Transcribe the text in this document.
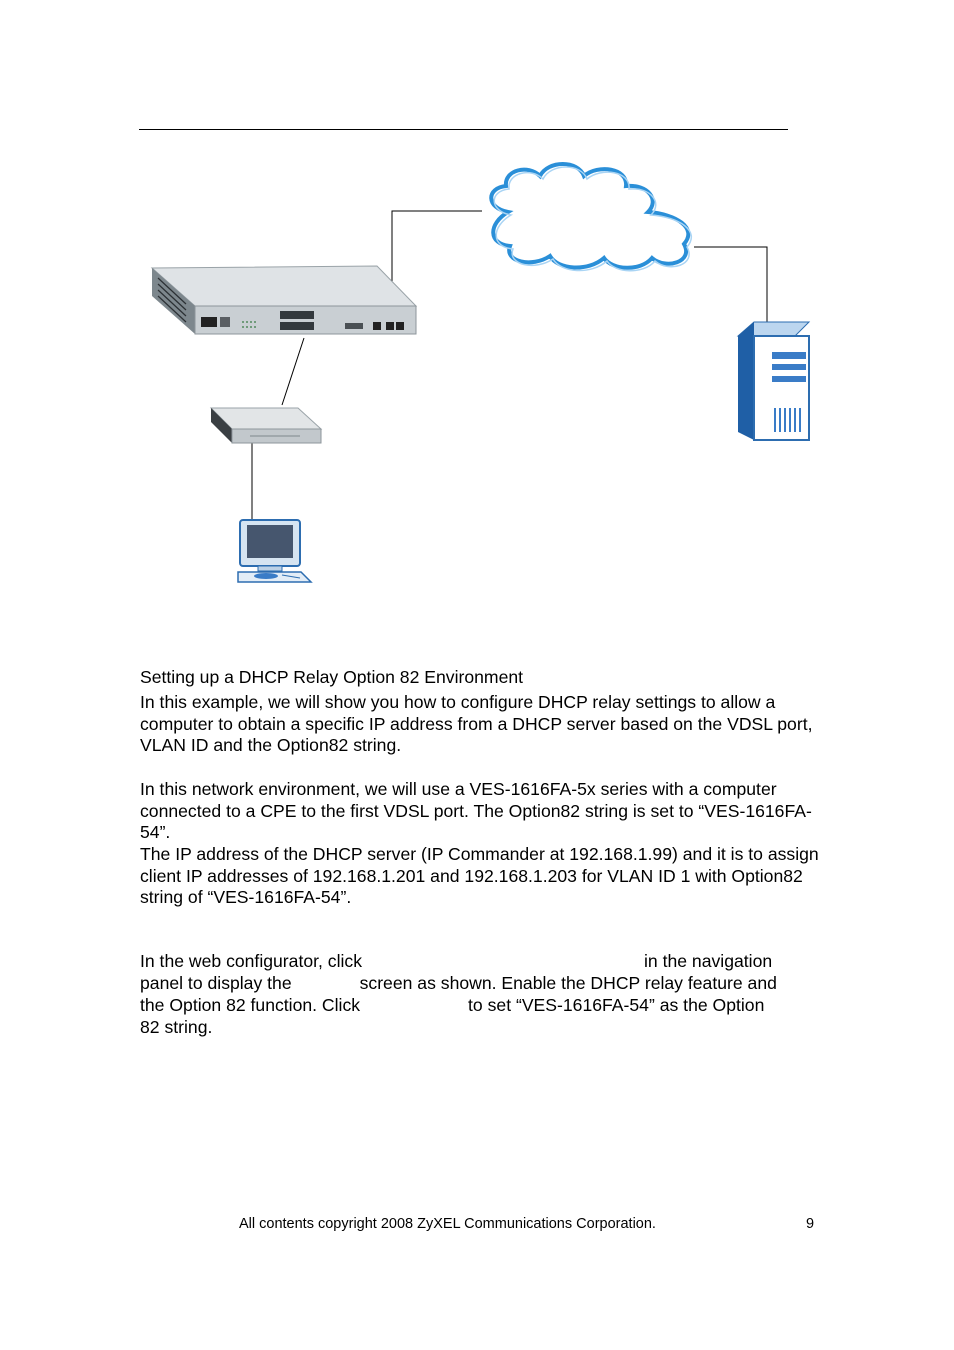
Setting up a DHCP Relay Option 82 Environment

In this example, we will show you how to configure DHCP relay settings to allow a computer to obtain a specific IP address from a DHCP server based on the VDSL port, VLAN ID and the Option82 string.

In this network environment, we will use a VES-1616FA-5x series with a computer connected to a CPE to the first VDSL port. The Option82 string is set to “VES-1616FA-54”.

The IP address of the DHCP server (IP Commander at 192.168.1.99) and it is to assign client IP addresses of 192.168.1.201 and 192.168.1.203 for VLAN ID 1 with Option82 string of “VES-1616FA-54”.

In the web configurator, click	in the navigation
panel to display the	screen as shown. Enable the DHCP relay feature and
the Option 82 function. Click	to set “VES-1616FA-54” as the Option
82 string.
All contents copyright 2008 ZyXEL Communications Corporation.	9
